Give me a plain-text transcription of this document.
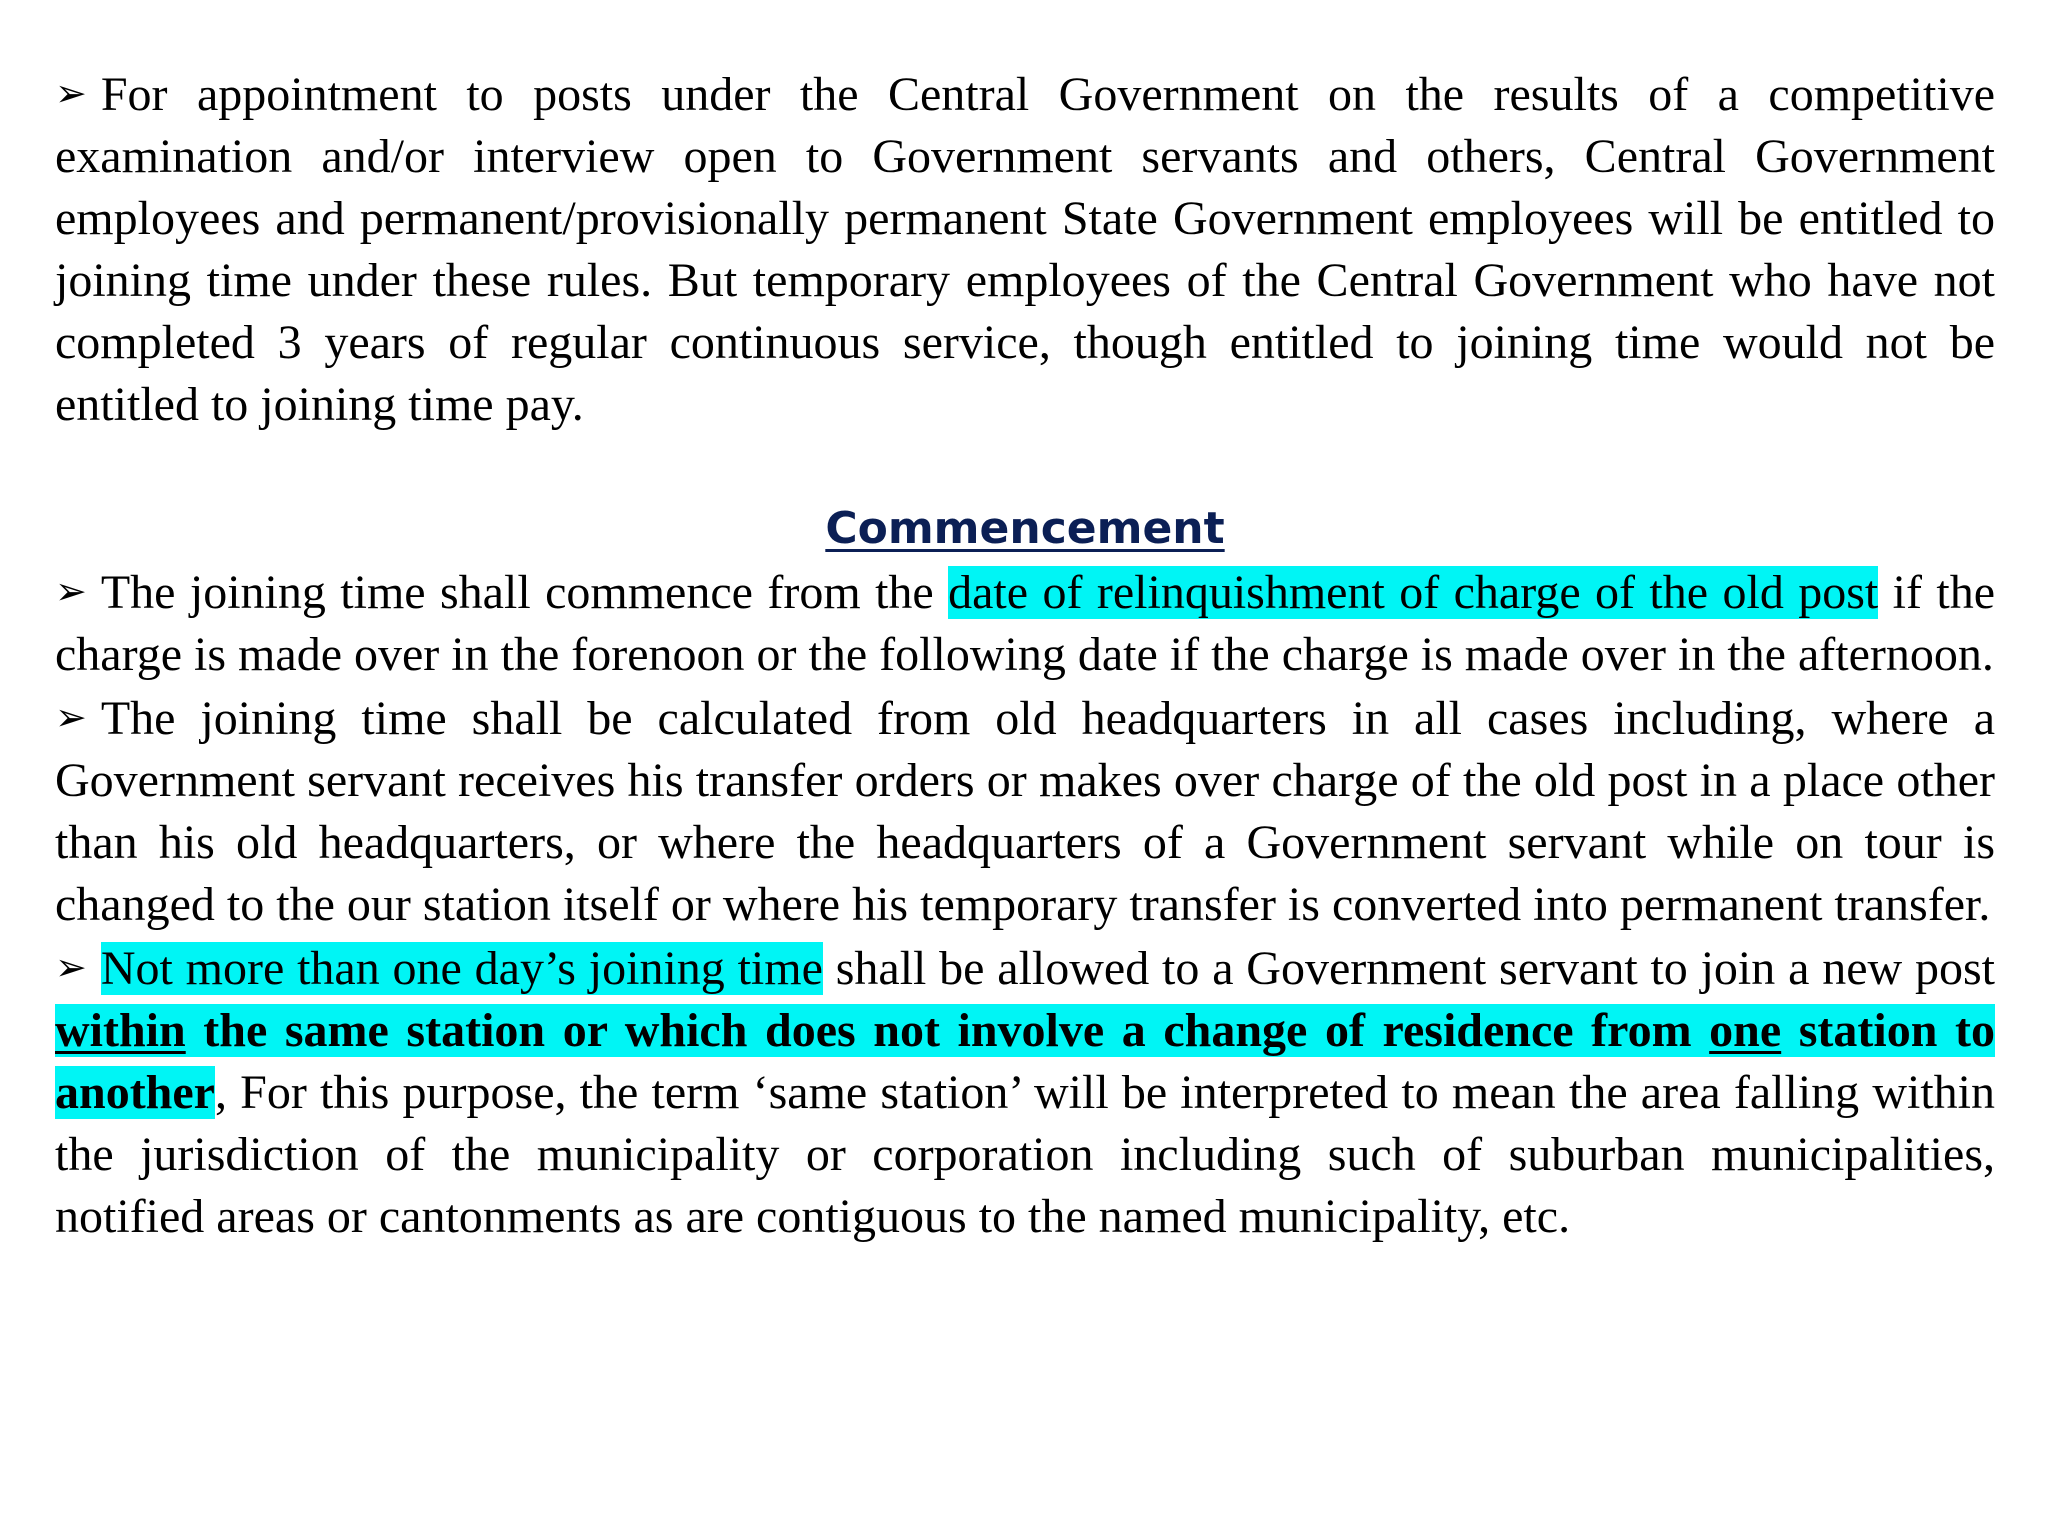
➢ For appointment to posts under the Central Government on the results of a competitive examination and/or interview open to Government servants and others, Central Government employees and permanent/provisionally permanent State Government employees will be entitled to joining time under these rules. But temporary employees of the Central Government who have not completed 3 years of regular continuous service, though entitled to joining time would not be entitled to joining time pay.

Commencement

➢ The joining time shall commence from the date of relinquishment of charge of the old post if the charge is made over in the forenoon or the following date if the charge is made over in the afternoon.

➢ The joining time shall be calculated from old headquarters in all cases including, where a Government servant receives his transfer orders or makes over charge of the old post in a place other than his old headquarters, or where the headquarters of a Government servant while on tour is changed to the our station itself or where his temporary transfer is converted into permanent transfer.

➢ Not more than one day’s joining time shall be allowed to a Government servant to join a new post within the same station or which does not involve a change of residence from one station to another, For this purpose, the term ‘same station’ will be interpreted to mean the area falling within the jurisdiction of the municipality or corporation including such of suburban municipalities, notified areas or cantonments as are contiguous to the named municipality, etc.
